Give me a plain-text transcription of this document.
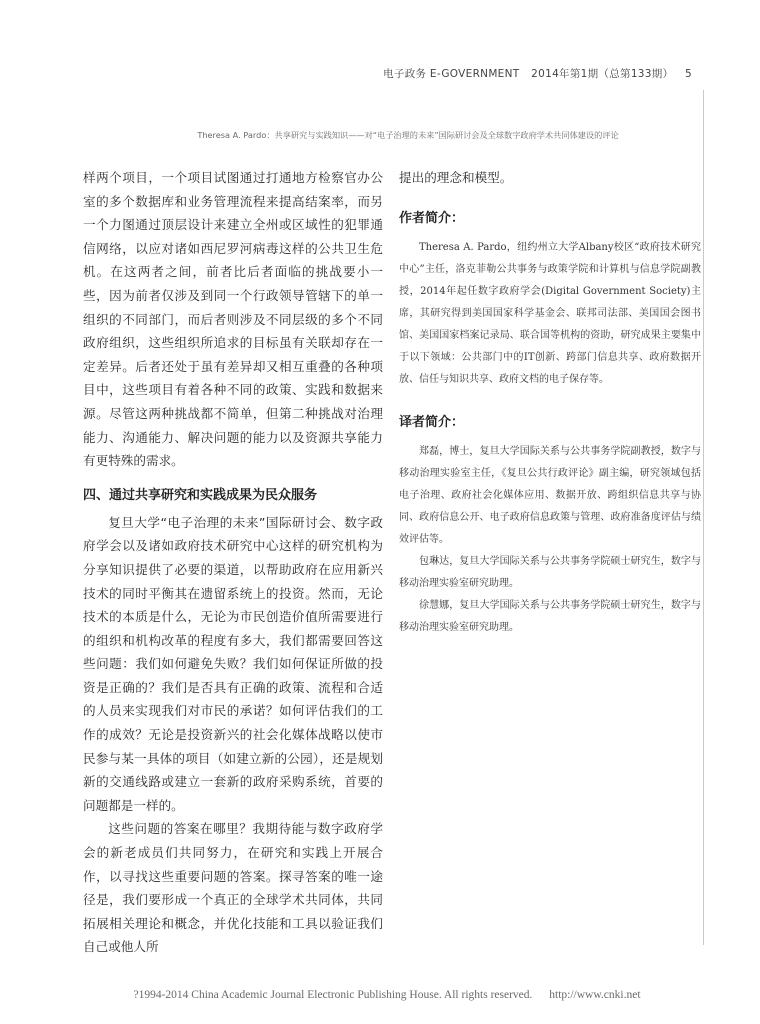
电子政务 E-GOVERNMENT 2014年第1期（总第133期） 5
Theresa A. Pardo：共享研究与实践知识——对“电子治理的未来”国际研讨会及全球数字政府学术共同体建设的评论

样两个项目，一个项目试图通过打通地方检察官办公室的多个数据库和业务管理流程来提高结案率，而另一个力图通过顶层设计来建立全州或区域性的犯罪通信网络，以应对诸如西尼罗河病毒这样的公共卫生危机。在这两者之间，前者比后者面临的挑战要小一些，因为前者仅涉及到同一个行政领导管辖下的单一组织的不同部门，而后者则涉及不同层级的多个不同政府组织，这些组织所追求的目标虽有关联却存在一定差异。后者还处于虽有差异却又相互重叠的各种项目中，这些项目有着各种不同的政策、实践和数据来源。尽管这两种挑战都不简单，但第二种挑战对治理能力、沟通能力、解决问题的能力以及资源共享能力有更特殊的需求。

四、通过共享研究和实践成果为民众服务

复旦大学“电子治理的未来”国际研讨会、数字政府学会以及诸如政府技术研究中心这样的研究机构为分享知识提供了必要的渠道，以帮助政府在应用新兴技术的同时平衡其在遗留系统上的投资。然而，无论技术的本质是什么，无论为市民创造价值所需要进行的组织和机构改革的程度有多大，我们都需要回答这些问题：我们如何避免失败？我们如何保证所做的投资是正确的？我们是否具有正确的政策、流程和合适的人员来实现我们对市民的承诺？如何评估我们的工作的成效？无论是投资新兴的社会化媒体战略以使市民参与某一具体的项目（如建立新的公园），还是规划新的交通线路或建立一套新的政府采购系统，首要的问题都是一样的。

这些问题的答案在哪里？我期待能与数字政府学会的新老成员们共同努力，在研究和实践上开展合作，以寻找这些重要问题的答案。探寻答案的唯一途径是，我们要形成一个真正的全球学术共同体，共同拓展相关理论和概念，并优化技能和工具以验证我们自己或他人所

提出的理念和模型。

作者简介：

Theresa A. Pardo，纽约州立大学Albany校区“政府技术研究中心”主任，洛克菲勒公共事务与政策学院和计算机与信息学院副教授，2014年起任数字政府学会(Digital Government Society)主席，其研究得到美国国家科学基金会、联邦司法部、美国国会图书馆、美国国家档案记录局、联合国等机构的资助，研究成果主要集中于以下领域：公共部门中的IT创新、跨部门信息共享、政府数据开放、信任与知识共享、政府文档的电子保存等。

译者简介：

郑磊，博士，复旦大学国际关系与公共事务学院副教授，数字与移动治理实验室主任，《复旦公共行政评论》副主编，研究领域包括电子治理、政府社会化媒体应用、数据开放、跨组织信息共享与协同、政府信息公开、电子政府信息政策与管理、政府准备度评估与绩效评估等。

包琳达，复旦大学国际关系与公共事务学院硕士研究生，数字与移动治理实验室研究助理。

徐慧娜，复旦大学国际关系与公共事务学院硕士研究生，数字与移动治理实验室研究助理。

?1994-2014 China Academic Journal Electronic Publishing House. All rights reserved. http://www.cnki.net
